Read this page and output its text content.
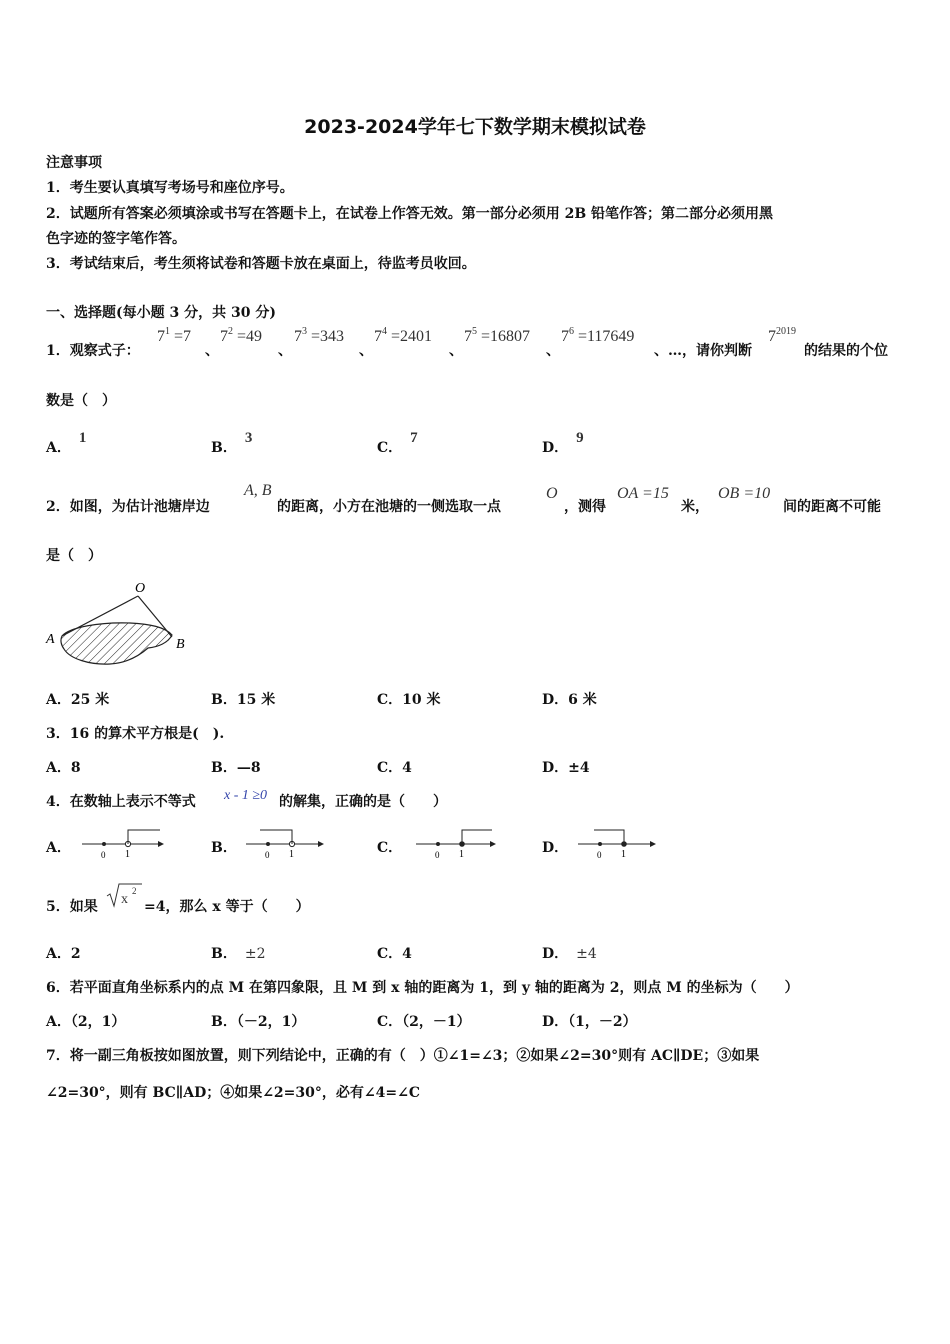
2023-2024学年七下数学期末模拟试卷
注意事项
1．考生要认真填写考场号和座位序号。
2．试题所有答案必须填涂或书写在答题卡上，在试卷上作答无效。第一部分必须用 2B 铅笔作答；第二部分必须用黑
色字迹的签字笔作答。
3．考试结束后，考生须将试卷和答题卡放在桌面上，待监考员收回。
一、选择题(每小题 3 分，共 30 分)
1．观察式子：
$7^1 =7$
、
$7^2 =49$
、
$7^3 =343$
、
$7^4 =2401$
、
$7^5 =16807$
、
$7^6 =117649$
、…，请你判断
$7^{2019}$
的结果的个位
数是（　）
A．1
B．3
C．7
D．9
2．如图，为估计池塘岸边
A, B
的距离，小方在池塘的一侧选取一点
O
，测得
OA =15
米，
OB =10
间的距离不可能
是（　）
O
A	B
A．25 米	B．15 米	C．10 米	D．6 米
3．16 的算术平方根是(　).
A．8	B．—8	C．4	D．±4
4．在数轴上表示不等式 x - 1 ≥0 的解集，正确的是（　　）
A．	0 1	B．	0 1	C．	0 1	D．	0 1
5．如果 x
2
=4，那么 x 等于（　　）
A．2	B． ±2	C．4	D． ±4
6．若平面直角坐标系内的点 M 在第四象限，且 M 到 x 轴的距离为 1，到 y 轴的距离为 2，则点 M 的坐标为（　　）
A．（2，1）	B．（－2，1）	C．（2，－1）	D．（1，－2）
7．将一副三角板按如图放置，则下列结论中，正确的有（　）①∠1=∠3；②如果∠2=30°则有 AC∥DE；③如果
∠2=30°，则有 BC∥AD；④如果∠2=30°，必有∠4=∠C
